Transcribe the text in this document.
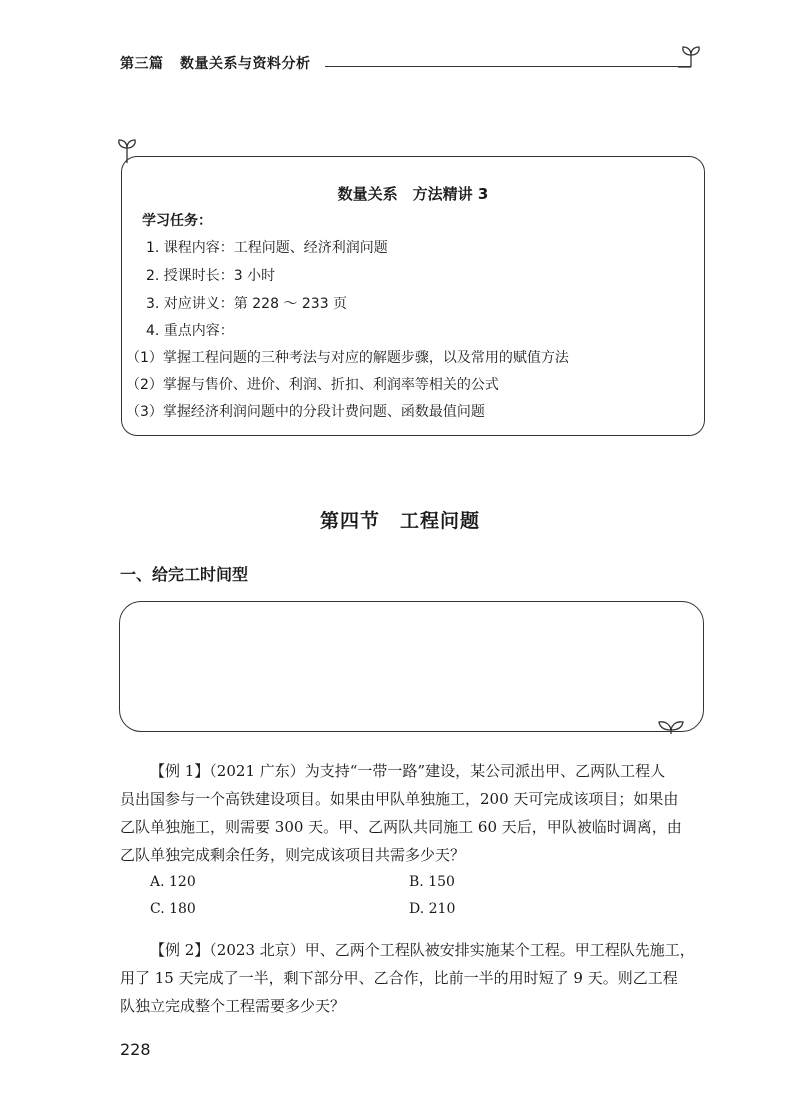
第三篇 数量关系与资料分析
数量关系　方法精讲 3
学习任务：
1. 课程内容：工程问题、经济利润问题
2. 授课时长：3 小时
3. 对应讲义：第 228 ～ 233 页
4. 重点内容：
（1）掌握工程问题的三种考法与对应的解题步骤，以及常用的赋值方法
（2）掌握与售价、进价、利润、折扣、利润率等相关的公式
（3）掌握经济利润问题中的分段计费问题、函数最值问题
第四节　工程问题
一、给完工时间型
【例 1】（2021 广东）为支持“一带一路”建设，某公司派出甲、乙两队工程人
员出国参与一个高铁建设项目。如果由甲队单独施工，200 天可完成该项目；如果由
乙队单独施工，则需要 300 天。甲、乙两队共同施工 60 天后，甲队被临时调离，由
乙队单独完成剩余任务，则完成该项目共需多少天？
A. 120	B. 150
C. 180	D. 210
【例 2】（2023 北京）甲、乙两个工程队被安排实施某个工程。甲工程队先施工，
用了 15 天完成了一半，剩下部分甲、乙合作，比前一半的用时短了 9 天。则乙工程
队独立完成整个工程需要多少天？
228
